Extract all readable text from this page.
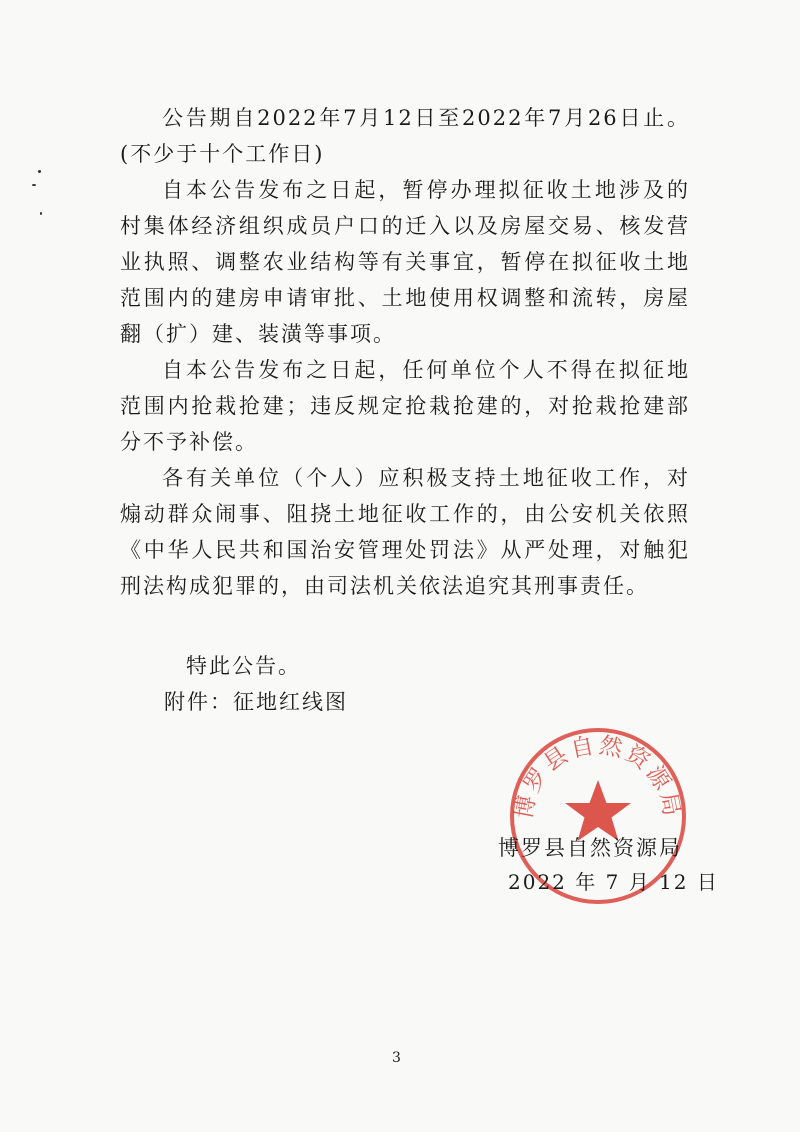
公告期自2022年7月12日至2022年7月26日止。(不少于十个工作日)

自本公告发布之日起，暂停办理拟征收土地涉及的村集体经济组织成员户口的迁入以及房屋交易、核发营业执照、调整农业结构等有关事宜，暂停在拟征收土地范围内的建房申请审批、土地使用权调整和流转，房屋翻（扩）建、装潢等事项。

自本公告发布之日起，任何单位个人不得在拟征地范围内抢栽抢建；违反规定抢栽抢建的，对抢栽抢建部分不予补偿。

各有关单位（个人）应积极支持土地征收工作，对煽动群众闹事、阻挠土地征收工作的，由公安机关依照《中华人民共和国治安管理处罚法》从严处理，对触犯刑法构成犯罪的，由司法机关依法追究其刑事责任。

特此公告。
附件：征地红线图
博罗县自然资源局
博罗县自然资源局
2022 年 7 月 12 日
3
